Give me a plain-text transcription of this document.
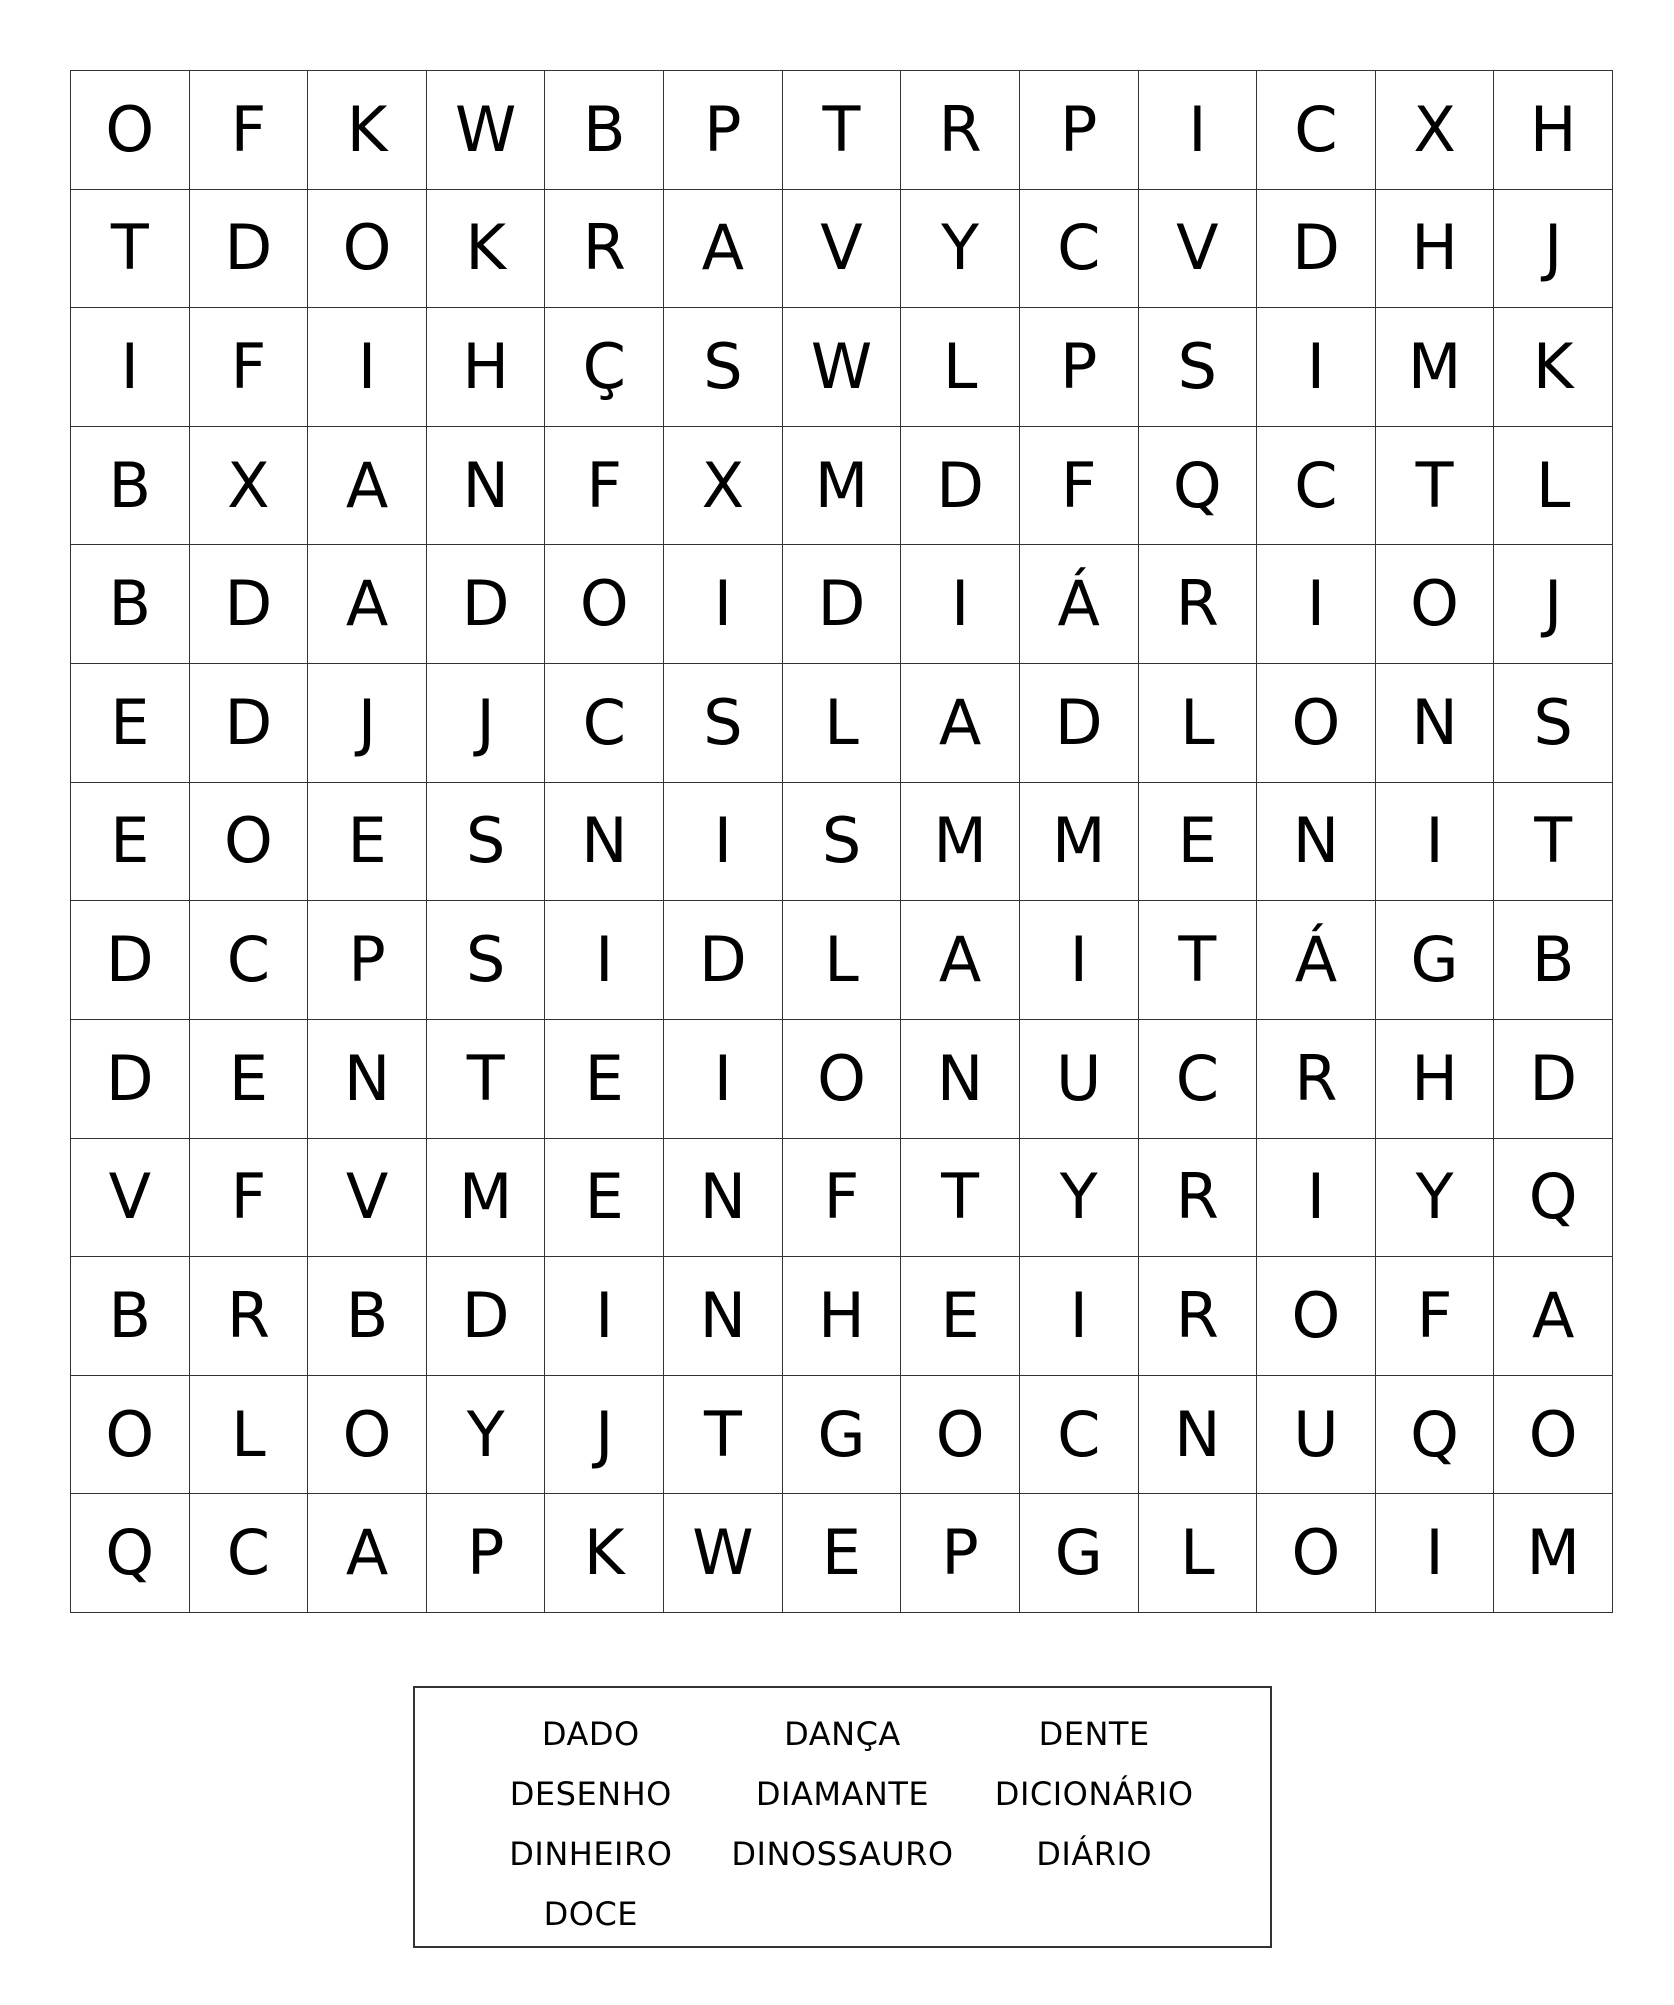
O	F	K	W	B	P	T	R	P	I	C	X	H
T	D	O	K	R	A	V	Y	C	V	D	H	J
I	F	I	H	Ç	S	W	L	P	S	I	M	K
B	X	A	N	F	X	M	D	F	Q	C	T	L
B	D	A	D	O	I	D	I	Á	R	I	O	J
E	D	J	J	C	S	L	A	D	L	O	N	S
E	O	E	S	N	I	S	M	M	E	N	I	T
D	C	P	S	I	D	L	A	I	T	Á	G	B
D	E	N	T	E	I	O	N	U	C	R	H	D
V	F	V	M	E	N	F	T	Y	R	I	Y	Q
B	R	B	D	I	N	H	E	I	R	O	F	A
O	L	O	Y	J	T	G	O	C	N	U	Q	O
Q	C	A	P	K	W	E	P	G	L	O	I	M
DADO	DANÇA	DENTE
DESENHO	DIAMANTE	DICIONÁRIO
DINHEIRO	DINOSSAURO	DIÁRIO
DOCE
